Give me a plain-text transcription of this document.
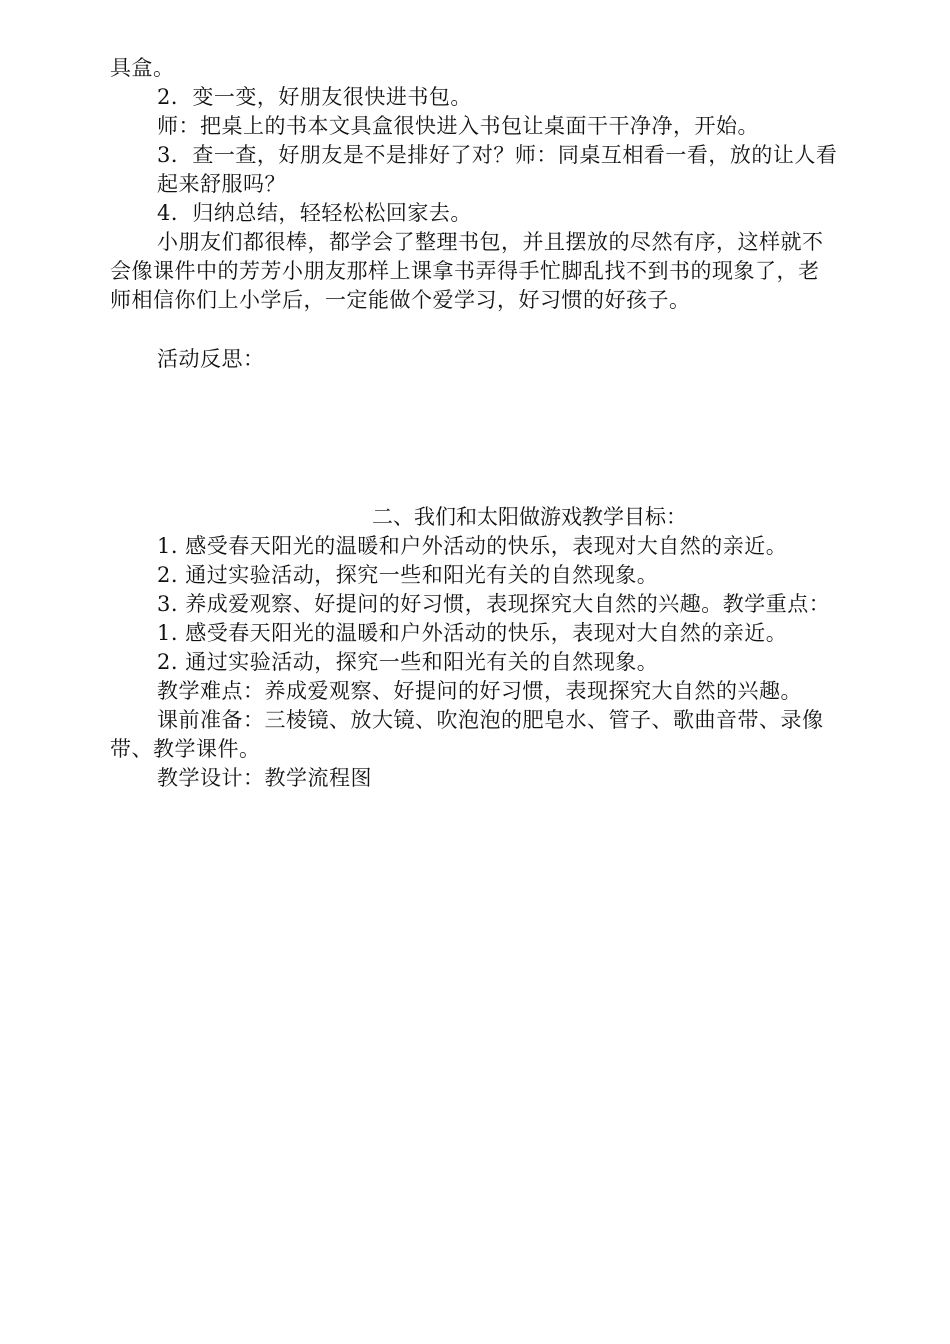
具盒。
2．变一变，好朋友很快进书包。
师：把桌上的书本文具盒很快进入书包让桌面干干净净，开始。
3．查一查，好朋友是不是排好了对？师：同桌互相看一看，放的让人看
起来舒服吗？
4．归纳总结，轻轻松松回家去。
小朋友们都很棒，都学会了整理书包，并且摆放的尽然有序，这样就不
会像课件中的芳芳小朋友那样上课拿书弄得手忙脚乱找不到书的现象了，老
师相信你们上小学后，一定能做个爱学习，好习惯的好孩子。
活动反思：
二、我们和太阳做游戏教学目标：
1. 感受春天阳光的温暖和户外活动的快乐，表现对大自然的亲近。
2. 通过实验活动，探究一些和阳光有关的自然现象。
3. 养成爱观察、好提问的好习惯，表现探究大自然的兴趣。教学重点：
1. 感受春天阳光的温暖和户外活动的快乐，表现对大自然的亲近。
2. 通过实验活动，探究一些和阳光有关的自然现象。
教学难点：养成爱观察、好提问的好习惯，表现探究大自然的兴趣。
课前准备：三棱镜、放大镜、吹泡泡的肥皂水、管子、歌曲音带、录像
带、教学课件。
教学设计：教学流程图
